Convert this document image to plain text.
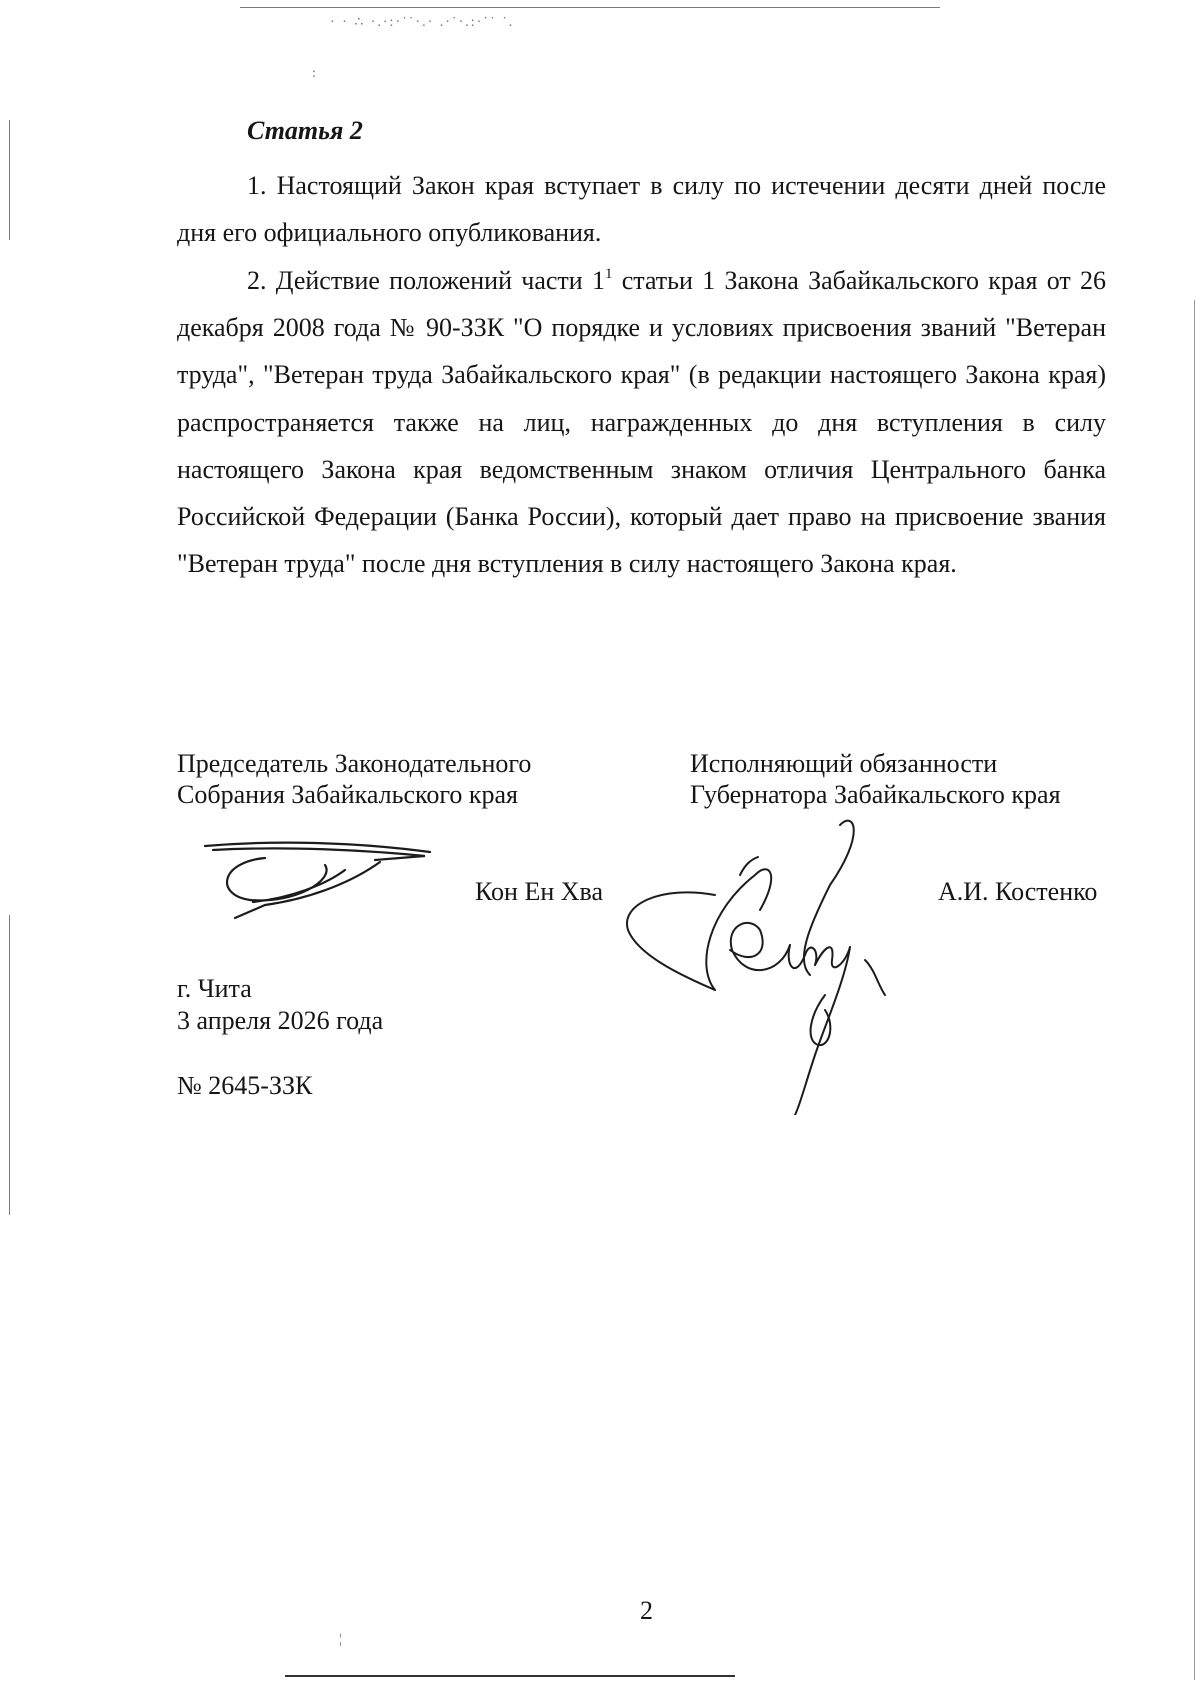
· · ∴ ·.·:·˙˙·.· .·˙·.:·˙˙ ˙.
:
¦
Статья 2

1. Настоящий Закон края вступает в силу по истечении десяти дней после дня его официального опубликования.

2. Действие положений части $1^1$ статьи 1 Закона Забайкальского края от 26 декабря 2008 года № 90-ЗЗК "О порядке и условиях присвоения званий "Ветеран труда", "Ветеран труда Забайкальского края" (в редакции настоящего Закона края) распространяется также на лиц, награжденных до дня вступления в силу настоящего Закона края ведомственным знаком отличия Центрального банка Российской Федерации (Банка России), который дает право на присвоение звания "Ветеран труда" после дня вступления в силу настоящего Закона края.

Председатель Законодательного
Собрания Забайкальского края
Кон Ен Хва
Исполняющий обязанности
Губернатора Забайкальского края
А.И. Костенко
г. Чита
3 апреля 2026 года
№ 2645-ЗЗК
2
